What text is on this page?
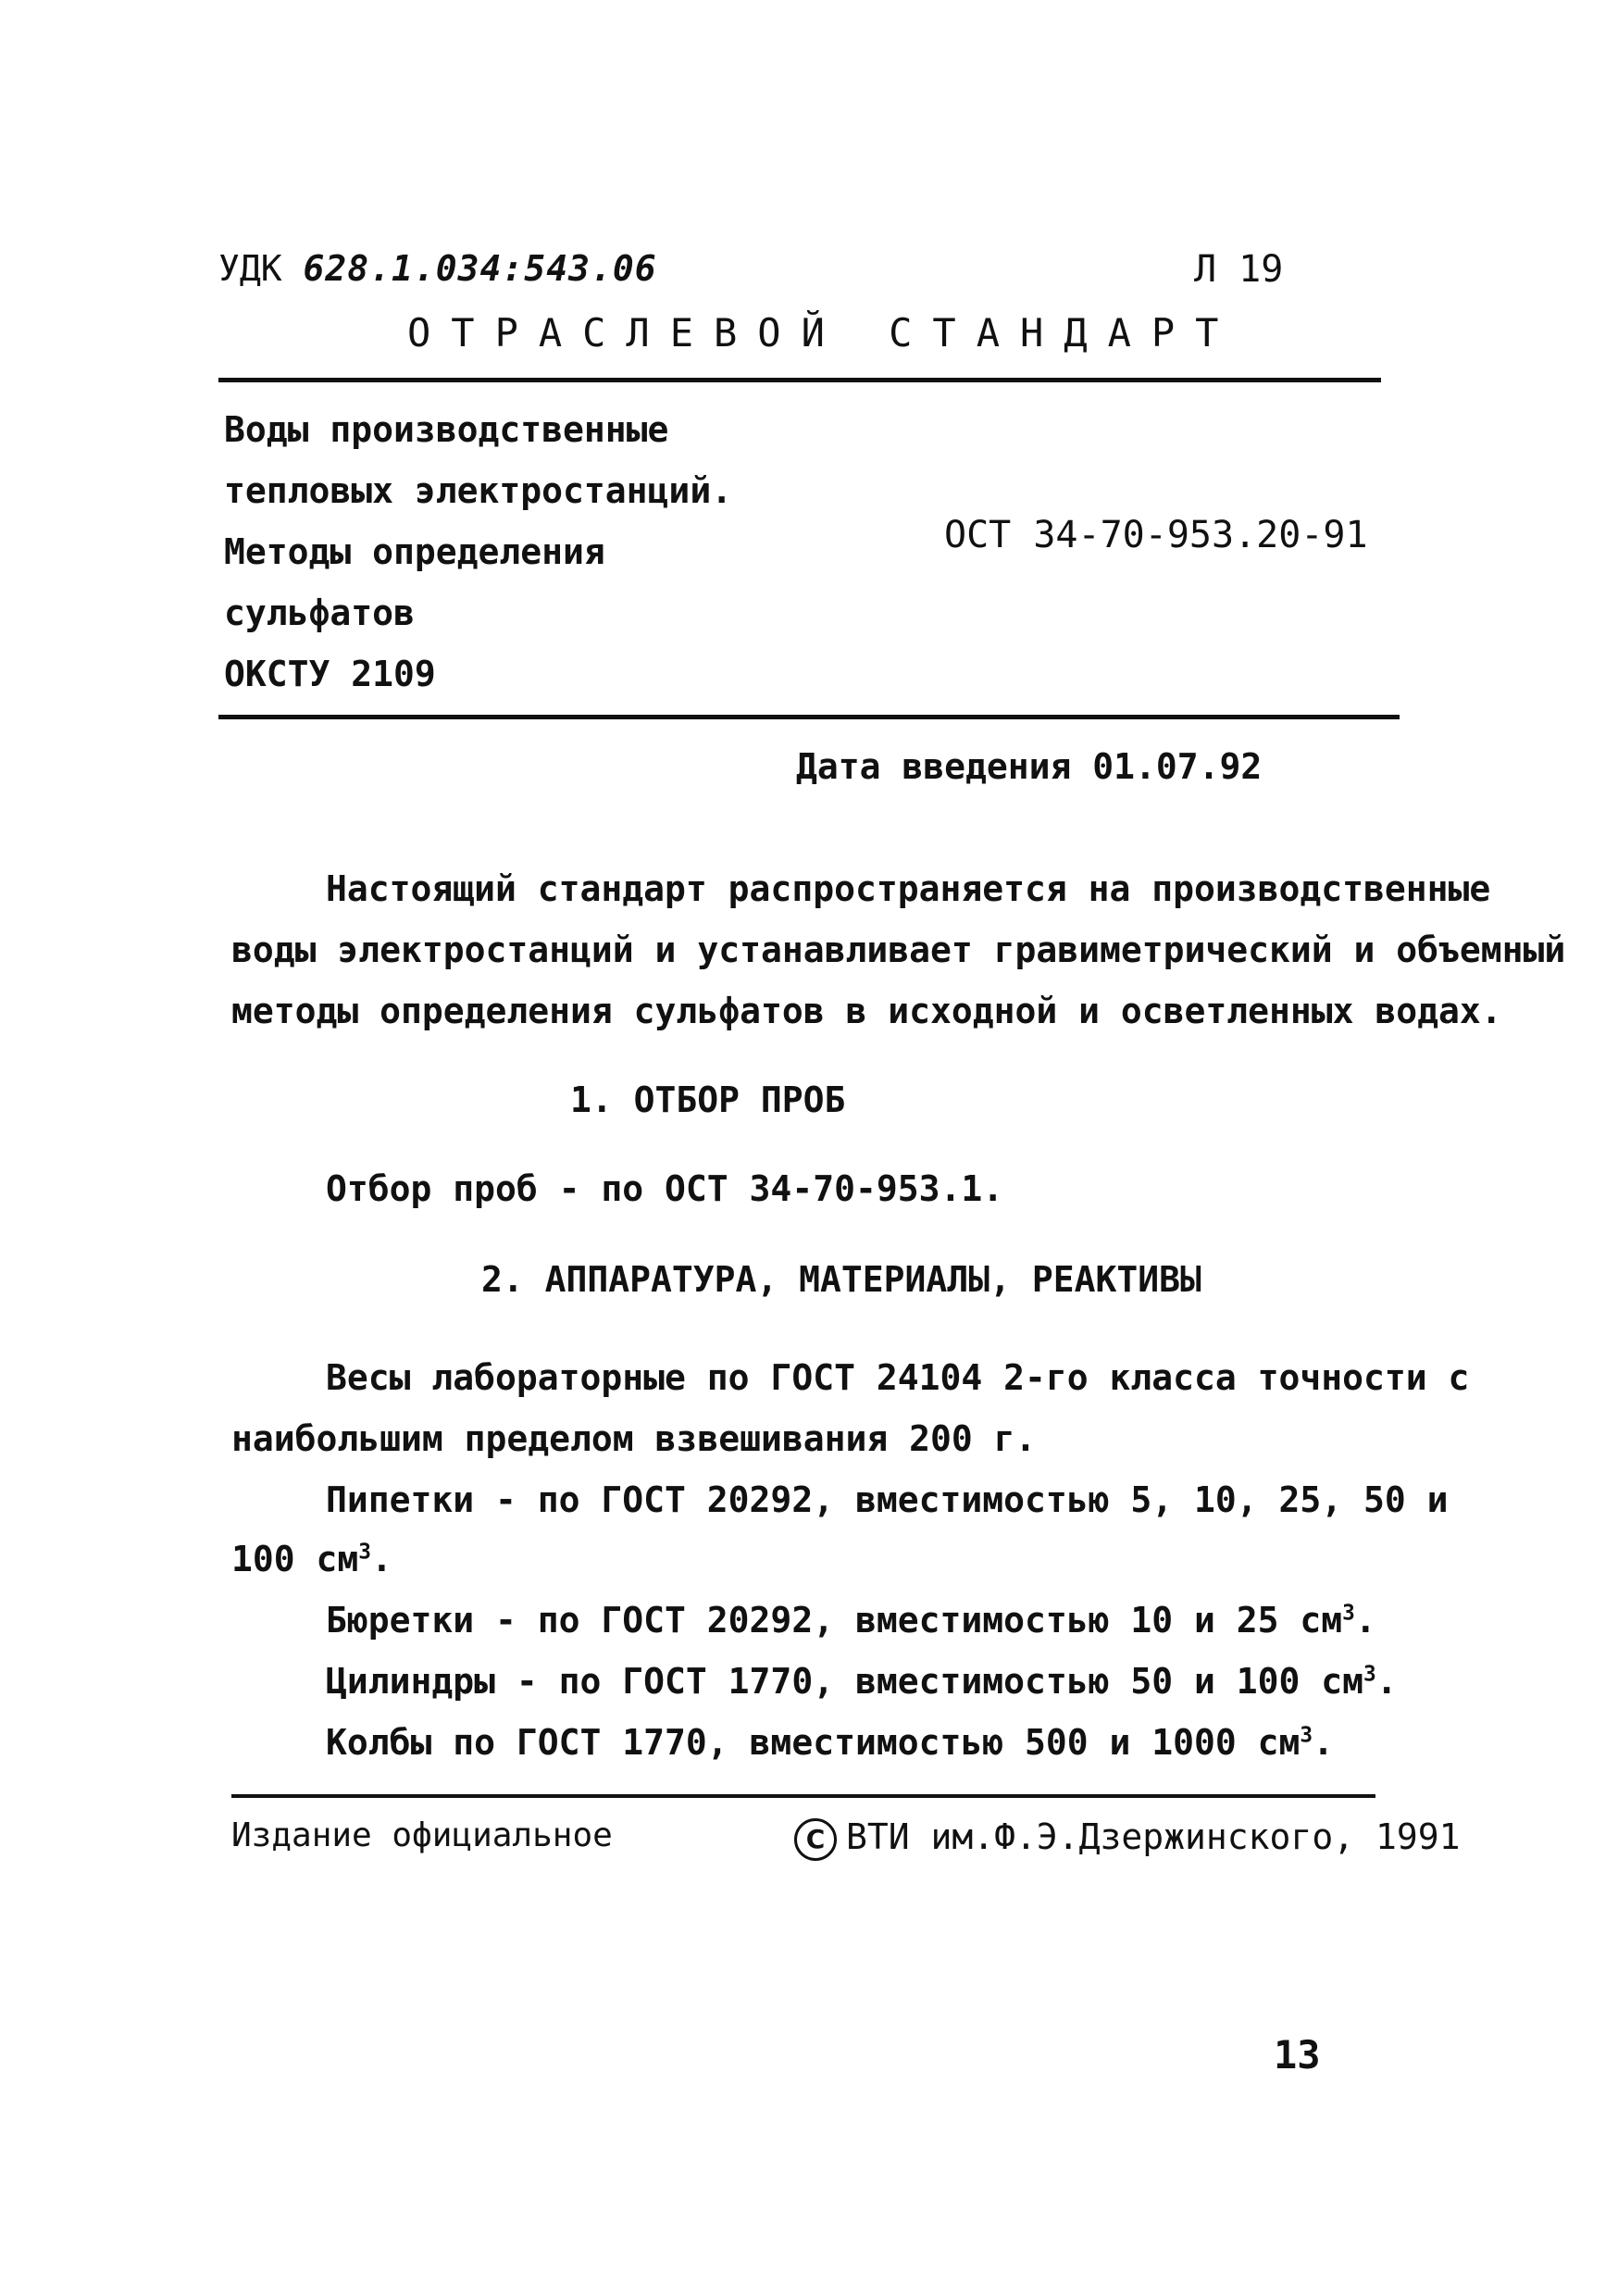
УДК 628.1.034:543.06	Л 19
ОТРАСЛЕВОЙ СТАНДАРТ
Воды производственные
тепловых электростанций.
Методы определения
сульфатов
ОКСТУ 2109
ОСТ 34-70-953.20-91
Дата введения 01.07.92
Настоящий стандарт распространяется на производственные
воды электростанций и устанавливает гравиметрический и объемный
методы определения сульфатов в исходной и осветленных водах.
1. ОТБОР ПРОБ
Отбор проб - по ОСТ 34-70-953.1.
2. АППАРАТУРА, МАТЕРИАЛЫ, РЕАКТИВЫ
Весы лабораторные по ГОСТ 24104 2-го класса точности с
наибольшим пределом взвешивания 200 г.
Пипетки - по ГОСТ 20292, вместимостью 5, 10, 25, 50 и
100 $см^3$.
Бюретки - по ГОСТ 20292, вместимостью 10 и 25 $см^3$.
Цилиндры - по ГОСТ 1770, вместимостью 50 и 100 $см^3$.
Колбы по ГОСТ 1770, вместимостью 500 и 1000 $см^3$.
Издание официальное	C ВТИ им.Ф.Э.Дзержинского, 1991
13
